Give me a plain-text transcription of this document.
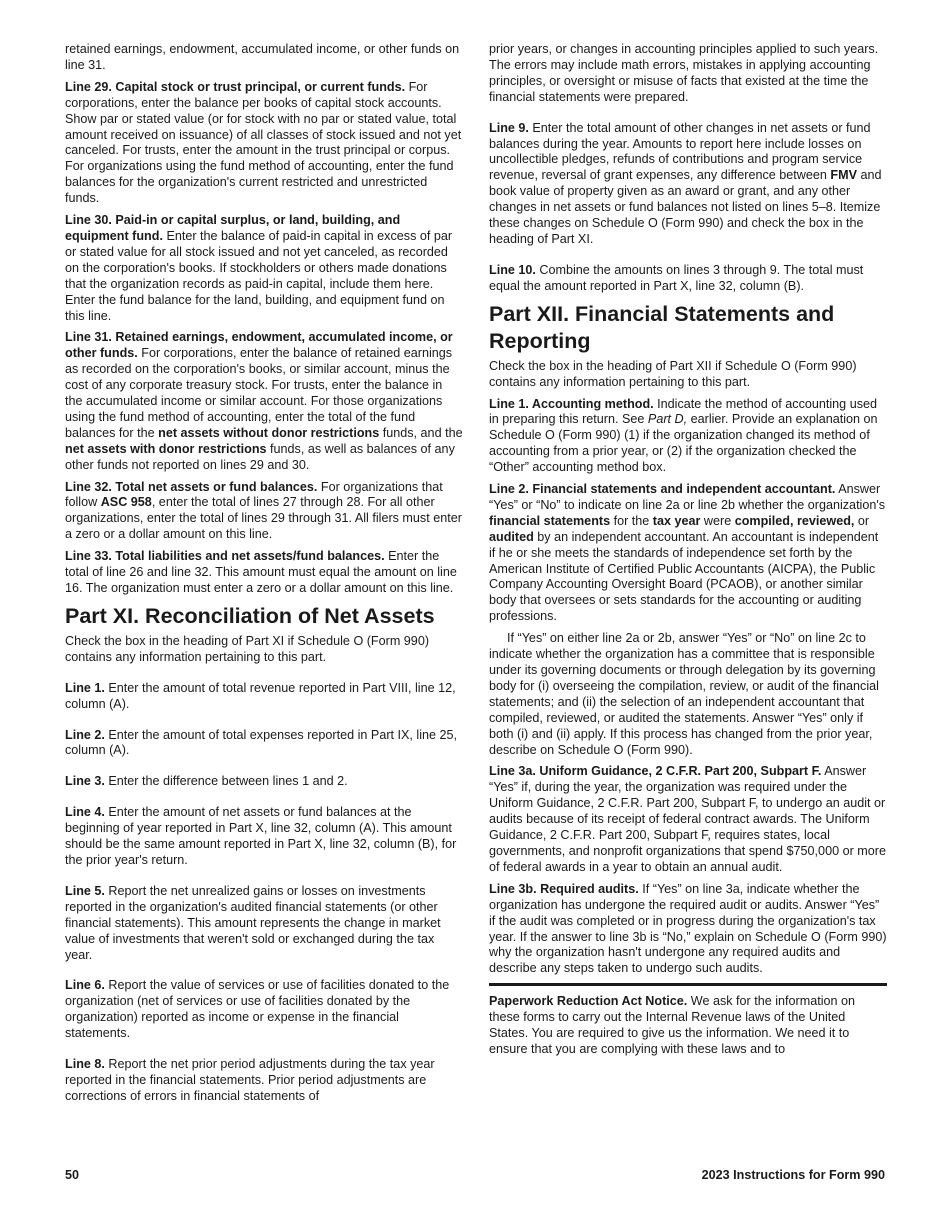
retained earnings, endowment, accumulated income, or other funds on line 31.

Line 29. Capital stock or trust principal, or current funds. For corporations, enter the balance per books of capital stock accounts. Show par or stated value (or for stock with no par or stated value, total amount received on issuance) of all classes of stock issued and not yet canceled. For trusts, enter the amount in the trust principal or corpus. For organizations using the fund method of accounting, enter the fund balances for the organization's current restricted and unrestricted funds.

Line 30. Paid-in or capital surplus, or land, building, and equipment fund. Enter the balance of paid-in capital in excess of par or stated value for all stock issued and not yet canceled, as recorded on the corporation's books. If stockholders or others made donations that the organization records as paid-in capital, include them here. Enter the fund balance for the land, building, and equipment fund on this line.

Line 31. Retained earnings, endowment, accumulated income, or other funds. For corporations, enter the balance of retained earnings as recorded on the corporation's books, or similar account, minus the cost of any corporate treasury stock. For trusts, enter the balance in the accumulated income or similar account. For those organizations using the fund method of accounting, enter the total of the fund balances for the net assets without donor restrictions funds, and the net assets with donor restrictions funds, as well as balances of any other funds not reported on lines 29 and 30.

Line 32. Total net assets or fund balances. For organizations that follow ASC 958, enter the total of lines 27 through 28. For all other organizations, enter the total of lines 29 through 31. All filers must enter a zero or a dollar amount on this line.

Line 33. Total liabilities and net assets/fund balances. Enter the total of line 26 and line 32. This amount must equal the amount on line 16. The organization must enter a zero or a dollar amount on this line.

Part XI. Reconciliation of Net Assets

Check the box in the heading of Part XI if Schedule O (Form 990) contains any information pertaining to this part.

Line 1. Enter the amount of total revenue reported in Part VIII, line 12, column (A).

Line 2. Enter the amount of total expenses reported in Part IX, line 25, column (A).

Line 3. Enter the difference between lines 1 and 2.

Line 4. Enter the amount of net assets or fund balances at the beginning of year reported in Part X, line 32, column (A). This amount should be the same amount reported in Part X, line 32, column (B), for the prior year's return.

Line 5. Report the net unrealized gains or losses on investments reported in the organization's audited financial statements (or other financial statements). This amount represents the change in market value of investments that weren't sold or exchanged during the tax year.

Line 6. Report the value of services or use of facilities donated to the organization (net of services or use of facilities donated by the organization) reported as income or expense in the financial statements.

Line 8. Report the net prior period adjustments during the tax year reported in the financial statements. Prior period adjustments are corrections of errors in financial statements of

prior years, or changes in accounting principles applied to such years. The errors may include math errors, mistakes in applying accounting principles, or oversight or misuse of facts that existed at the time the financial statements were prepared.

Line 9. Enter the total amount of other changes in net assets or fund balances during the year. Amounts to report here include losses on uncollectible pledges, refunds of contributions and program service revenue, reversal of grant expenses, any difference between FMV and book value of property given as an award or grant, and any other changes in net assets or fund balances not listed on lines 5–8. Itemize these changes on Schedule O (Form 990) and check the box in the heading of Part XI.

Line 10. Combine the amounts on lines 3 through 9. The total must equal the amount reported in Part X, line 32, column (B).

Part XII. Financial Statements and Reporting

Check the box in the heading of Part XII if Schedule O (Form 990) contains any information pertaining to this part.

Line 1. Accounting method. Indicate the method of accounting used in preparing this return. See Part D, earlier. Provide an explanation on Schedule O (Form 990) (1) if the organization changed its method of accounting from a prior year, or (2) if the organization checked the “Other” accounting method box.

Line 2. Financial statements and independent accountant. Answer “Yes” or “No” to indicate on line 2a or line 2b whether the organization's financial statements for the tax year were compiled, reviewed, or audited by an independent accountant. An accountant is independent if he or she meets the standards of independence set forth by the American Institute of Certified Public Accountants (AICPA), the Public Company Accounting Oversight Board (PCAOB), or another similar body that oversees or sets standards for the accounting or auditing professions.

If “Yes” on either line 2a or 2b, answer “Yes” or “No” on line 2c to indicate whether the organization has a committee that is responsible under its governing documents or through delegation by its governing body for (i) overseeing the compilation, review, or audit of the financial statements; and (ii) the selection of an independent accountant that compiled, reviewed, or audited the statements. Answer “Yes” only if both (i) and (ii) apply. If this process has changed from the prior year, describe on Schedule O (Form 990).

Line 3a. Uniform Guidance, 2 C.F.R. Part 200, Subpart F. Answer “Yes” if, during the year, the organization was required under the Uniform Guidance, 2 C.F.R. Part 200, Subpart F, to undergo an audit or audits because of its receipt of federal contract awards. The Uniform Guidance, 2 C.F.R. Part 200, Subpart F, requires states, local governments, and nonprofit organizations that spend $750,000 or more of federal awards in a year to obtain an annual audit.

Line 3b. Required audits. If “Yes” on line 3a, indicate whether the organization has undergone the required audit or audits. Answer “Yes” if the audit was completed or in progress during the organization's tax year. If the answer to line 3b is “No,” explain on Schedule O (Form 990) why the organization hasn't undergone any required audits and describe any steps taken to undergo such audits.

Paperwork Reduction Act Notice. We ask for the information on these forms to carry out the Internal Revenue laws of the United States. You are required to give us the information. We need it to ensure that you are complying with these laws and to

50	2023 Instructions for Form 990
